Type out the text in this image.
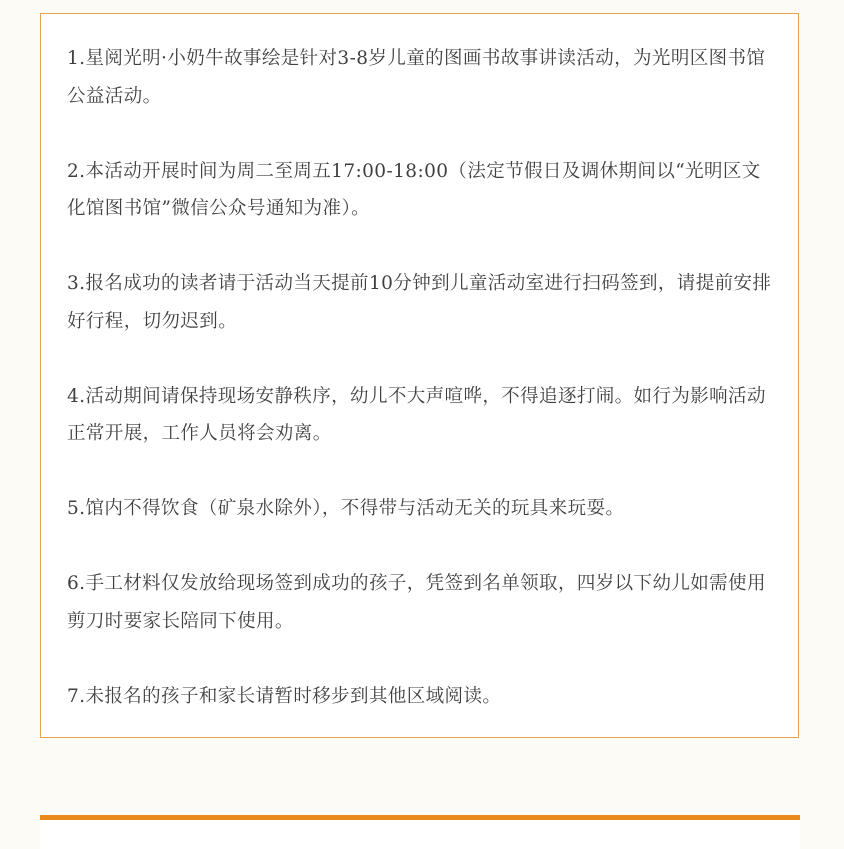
1.星阅光明·小奶牛故事绘是针对3-8岁儿童的图画书故事讲读活动，为光明区图书馆公益活动。
2.本活动开展时间为周二至周五17:00-18:00（法定节假日及调休期间以“光明区文化馆图书馆”微信公众号通知为准）。
3.报名成功的读者请于活动当天提前10分钟到儿童活动室进行扫码签到，请提前安排好行程，切勿迟到。
4.活动期间请保持现场安静秩序，幼儿不大声喧哗，不得追逐打闹。如行为影响活动正常开展，工作人员将会劝离。
5.馆内不得饮食（矿泉水除外），不得带与活动无关的玩具来玩耍。
6.手工材料仅发放给现场签到成功的孩子，凭签到名单领取，四岁以下幼儿如需使用剪刀时要家长陪同下使用。
7.未报名的孩子和家长请暂时移步到其他区域阅读。
